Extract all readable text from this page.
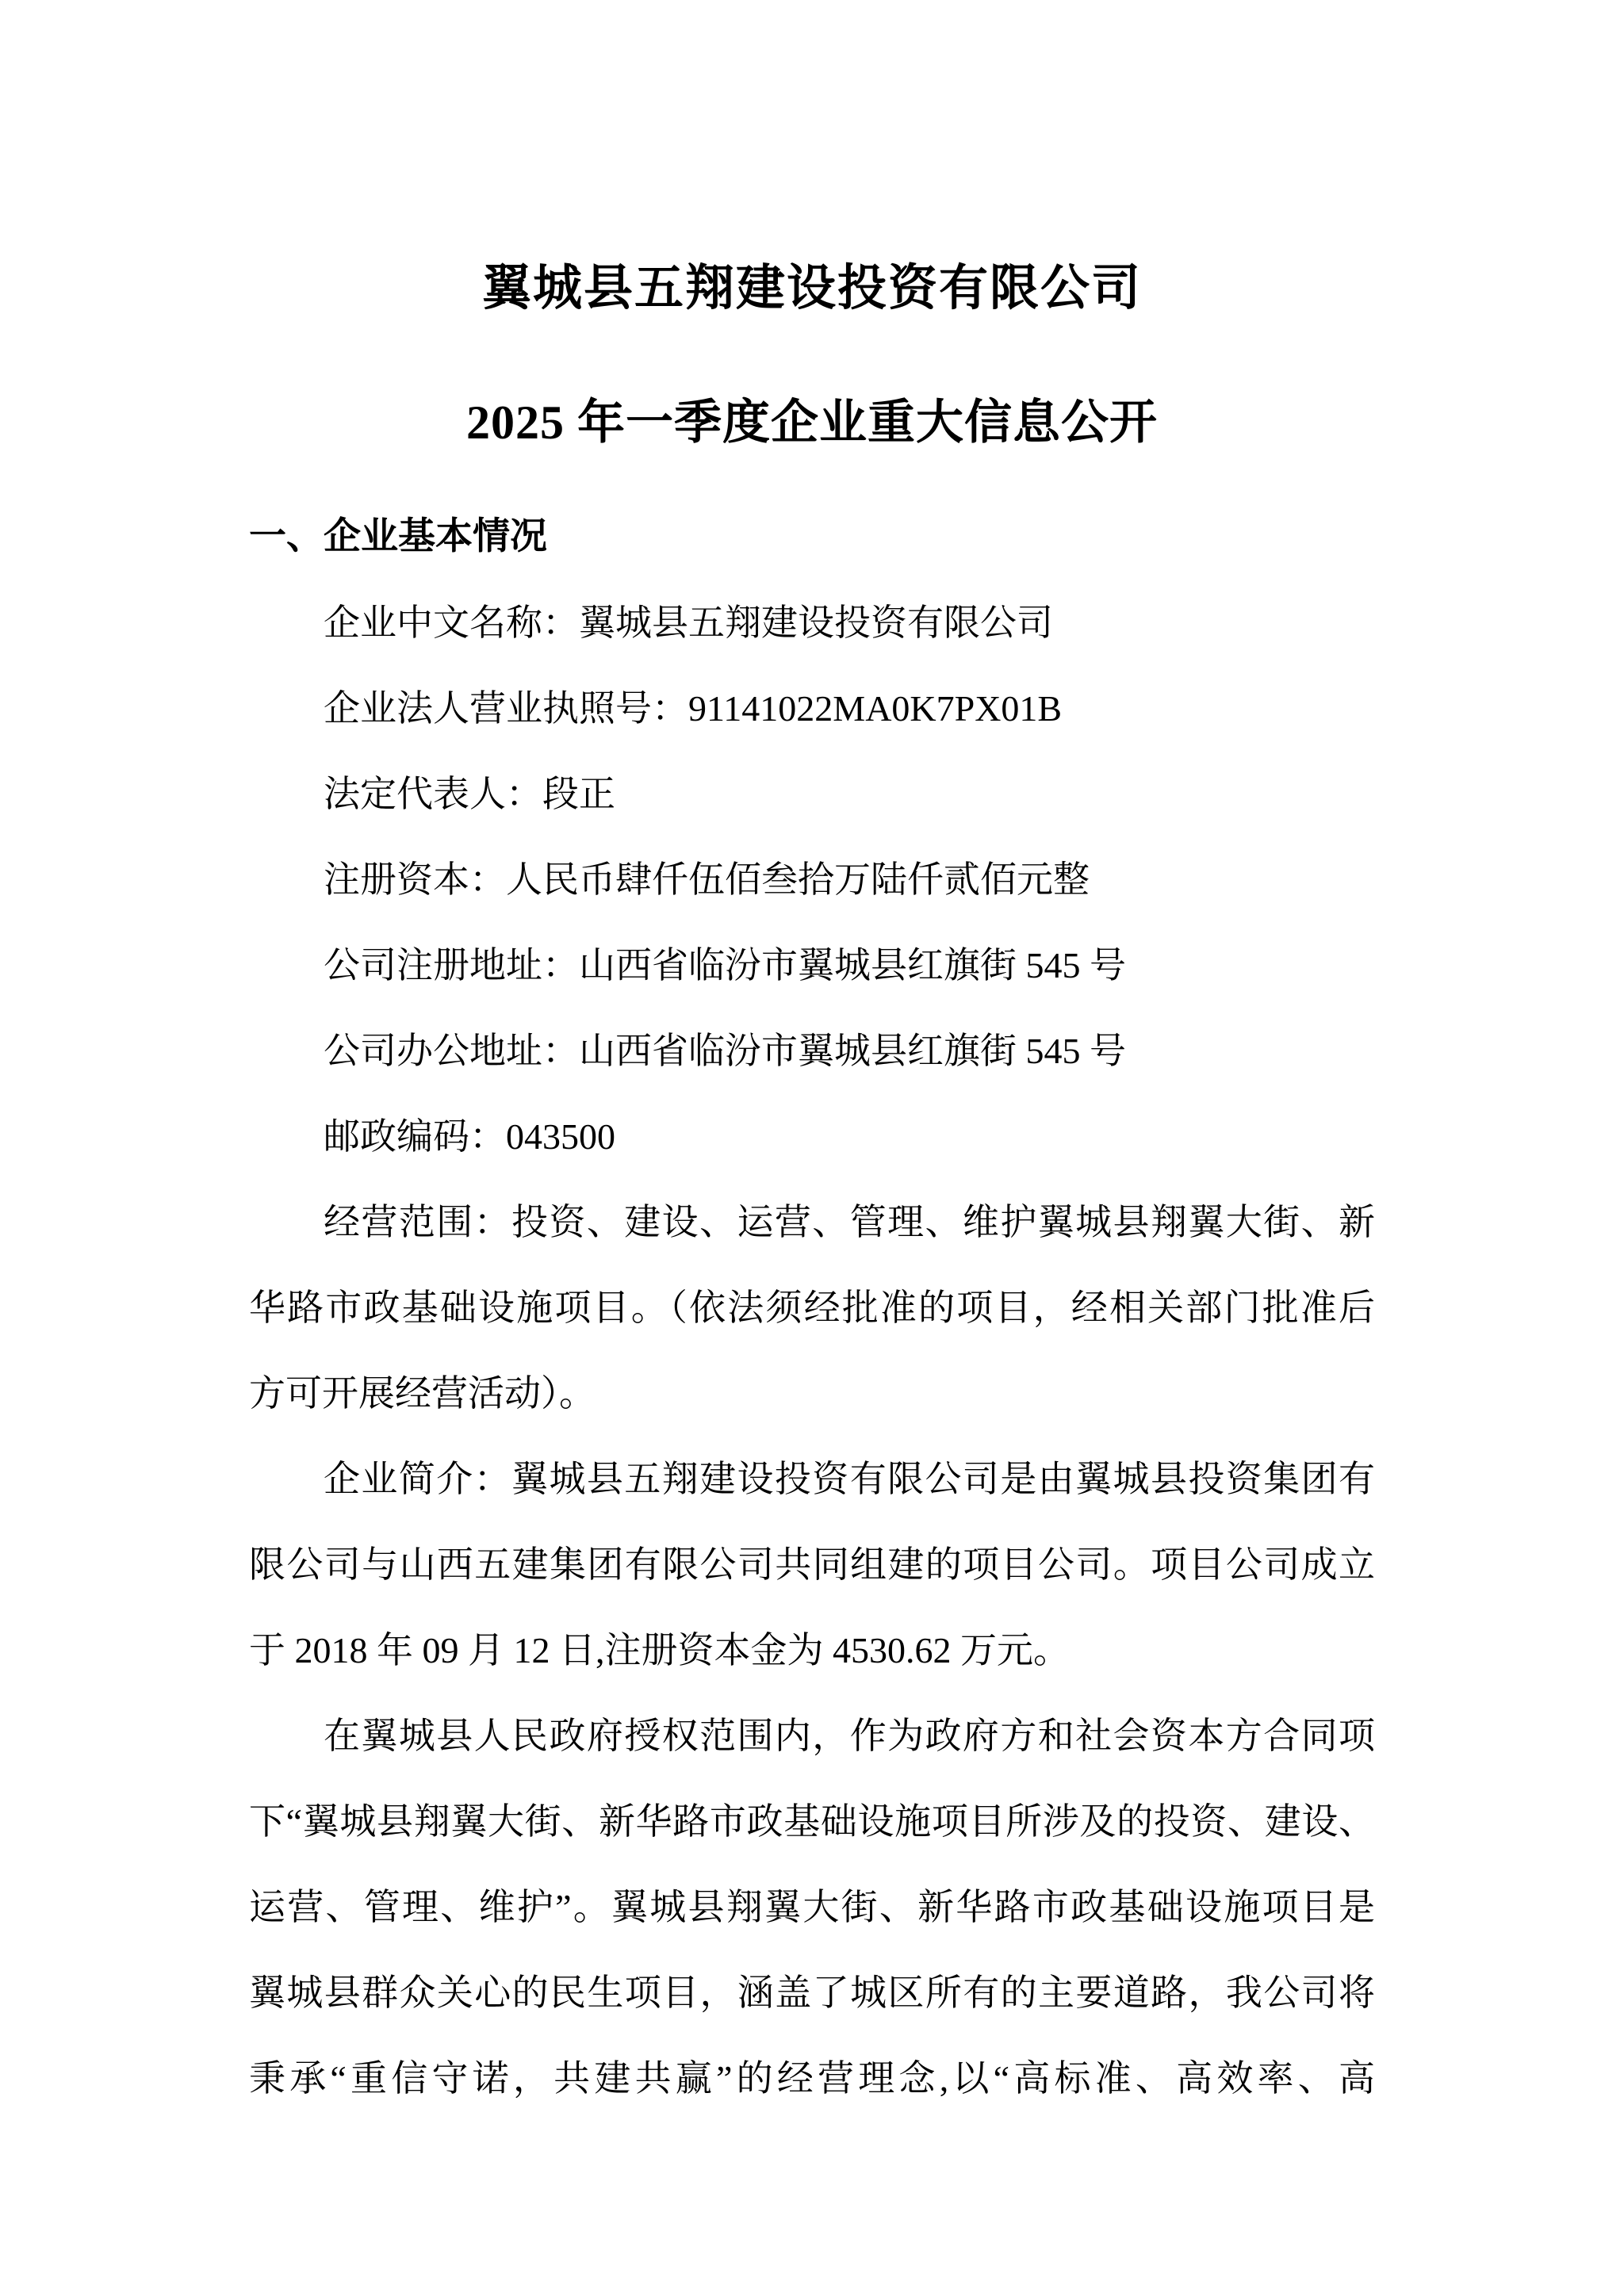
翼城县五翔建设投资有限公司
2025 年一季度企业重大信息公开
一、企业基本情况
企业中文名称：翼城县五翔建设投资有限公司
企业法人营业执照号：91141022MA0K7PX01B
法定代表人：段正
注册资本：人民币肆仟伍佰叁拾万陆仟贰佰元整
公司注册地址：山西省临汾市翼城县红旗街 545 号
公司办公地址：山西省临汾市翼城县红旗街 545 号
邮政编码：043500
经营范围：投资、建设、运营、管理、维护翼城县翔翼大街、新
华路市政基础设施项目。（依法须经批准的项目，经相关部门批准后
方可开展经营活动）。
企业简介：翼城县五翔建设投资有限公司是由翼城县投资集团有
限公司与山西五建集团有限公司共同组建的项目公司。项目公司成立
于 2018 年 09 月 12 日,注册资本金为 4530.62 万元。
在翼城县人民政府授权范围内，作为政府方和社会资本方合同项
下“翼城县翔翼大街、新华路市政基础设施项目所涉及的投资、建设、
运营、管理、维护”。翼城县翔翼大街、新华路市政基础设施项目是
翼城县群众关心的民生项目，涵盖了城区所有的主要道路，我公司将
秉承“重信守诺，共建共赢”的经营理念,以“高标准、高效率、高
